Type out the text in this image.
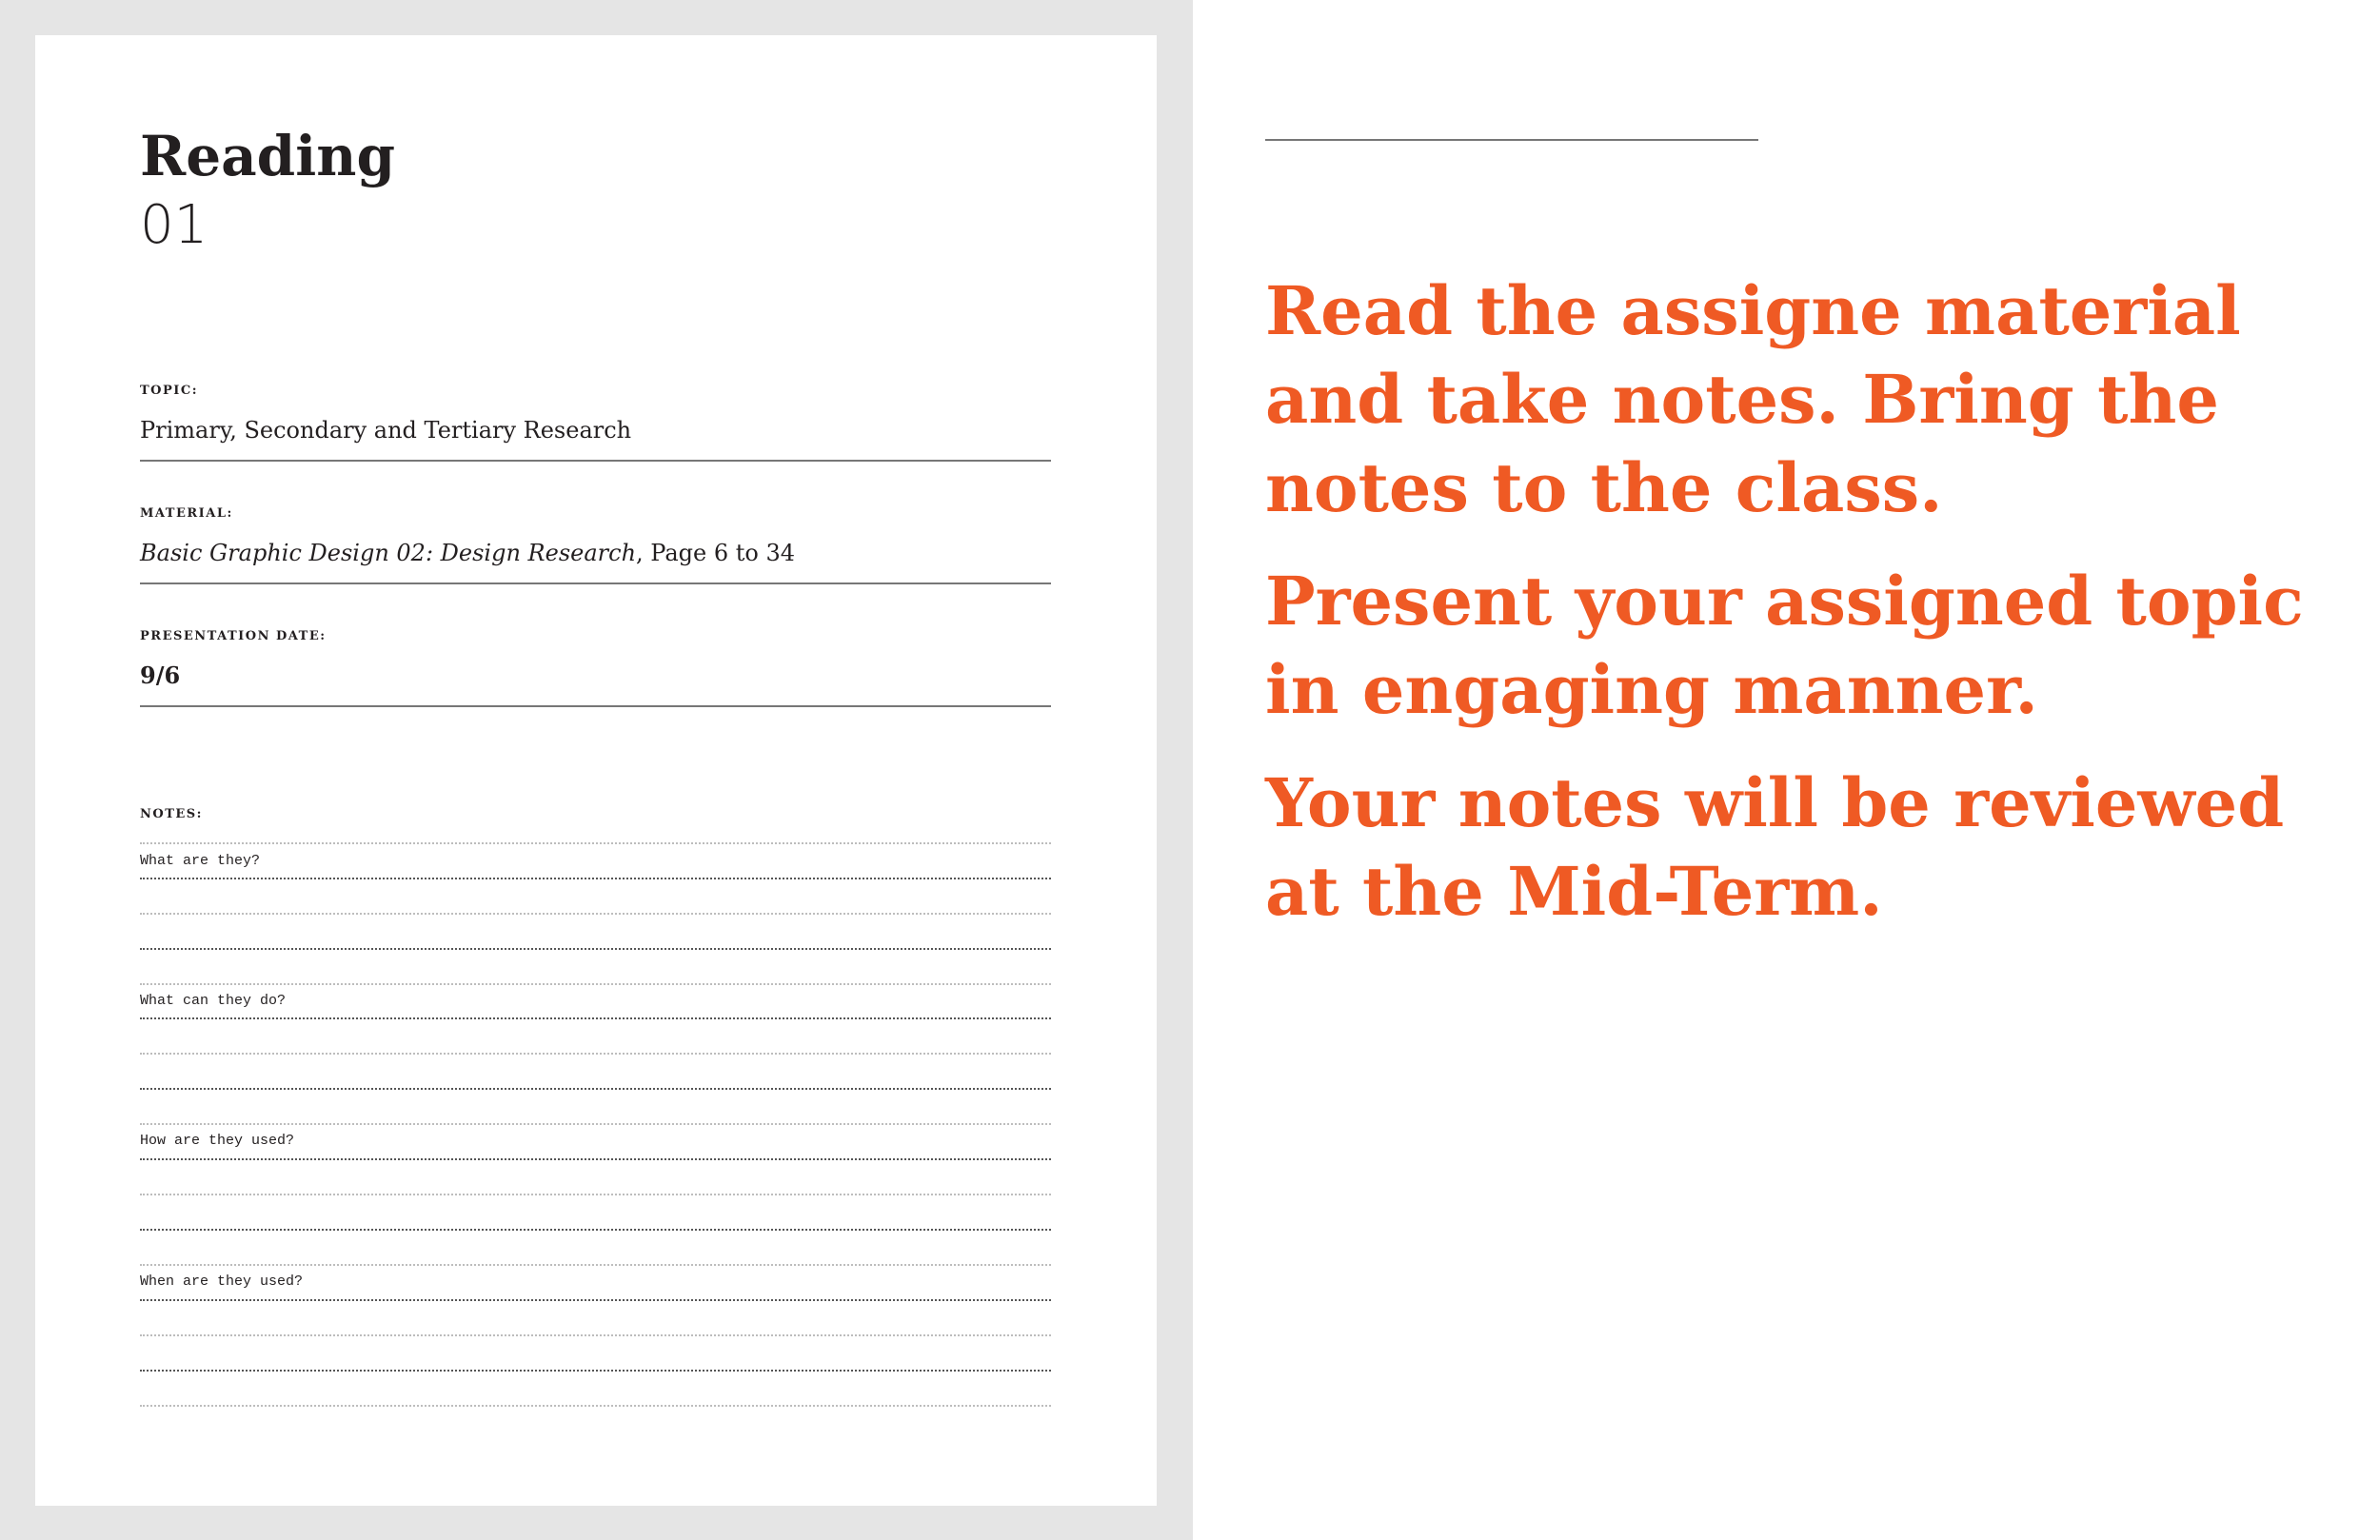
Reading
01
TOPIC:
Primary, Secondary and Tertiary Research
MATERIAL:
Basic Graphic Design 02: Design Research, Page 6 to 34
PRESENTATION DATE:
9/6
NOTES:
What are they?
What can they do?
How are they used?
When are they used?

Read the assigne material and take notes. Bring the notes to the class.

Present your assigned topic in engaging manner.

Your notes will be reviewed at the Mid-Term.
